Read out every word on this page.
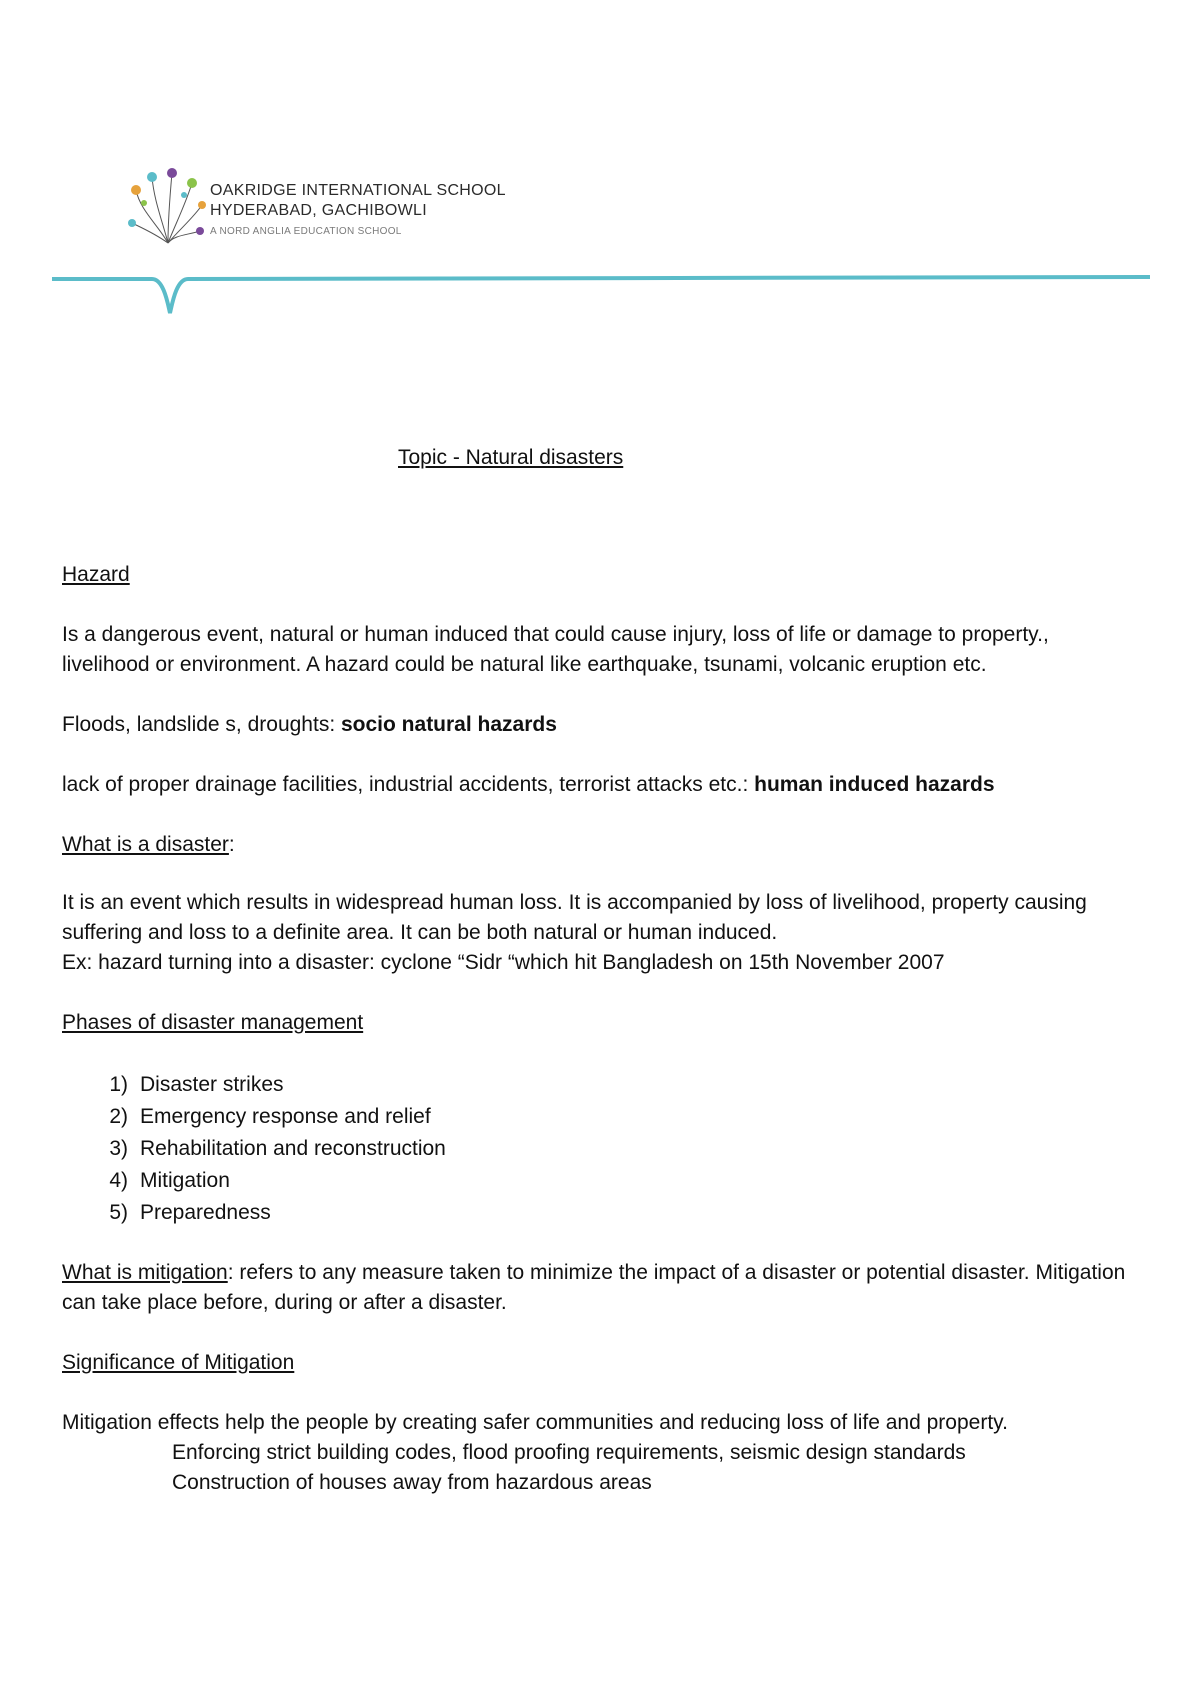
OAKRIDGE INTERNATIONAL SCHOOL
HYDERABAD, GACHIBOWLI
A NORD ANGLIA EDUCATION SCHOOL
Topic - Natural disasters
Hazard
Is a dangerous event, natural or human induced that could cause injury, loss of life or damage to property., livelihood or environment. A hazard could be natural like earthquake, tsunami, volcanic eruption etc.
Floods, landslide s, droughts: socio natural hazards
lack of proper drainage facilities, industrial accidents, terrorist attacks etc.: human induced hazards
What is a disaster:
It is an event which results in widespread human loss. It is accompanied by loss of livelihood, property causing suffering and loss to a definite area. It can be both natural or human induced.
Ex: hazard turning into a disaster: cyclone “Sidr “which hit Bangladesh on 15th November 2007
Phases of disaster management
1) Disaster strikes
2) Emergency response and relief
3) Rehabilitation and reconstruction
4) Mitigation
5) Preparedness
What is mitigation: refers to any measure taken to minimize the impact of a disaster or potential disaster. Mitigation can take place before, during or after a disaster.
Significance of Mitigation
Mitigation effects help the people by creating safer communities and reducing loss of life and property.
Enforcing strict building codes, flood proofing requirements, seismic design standards
Construction of houses away from hazardous areas
